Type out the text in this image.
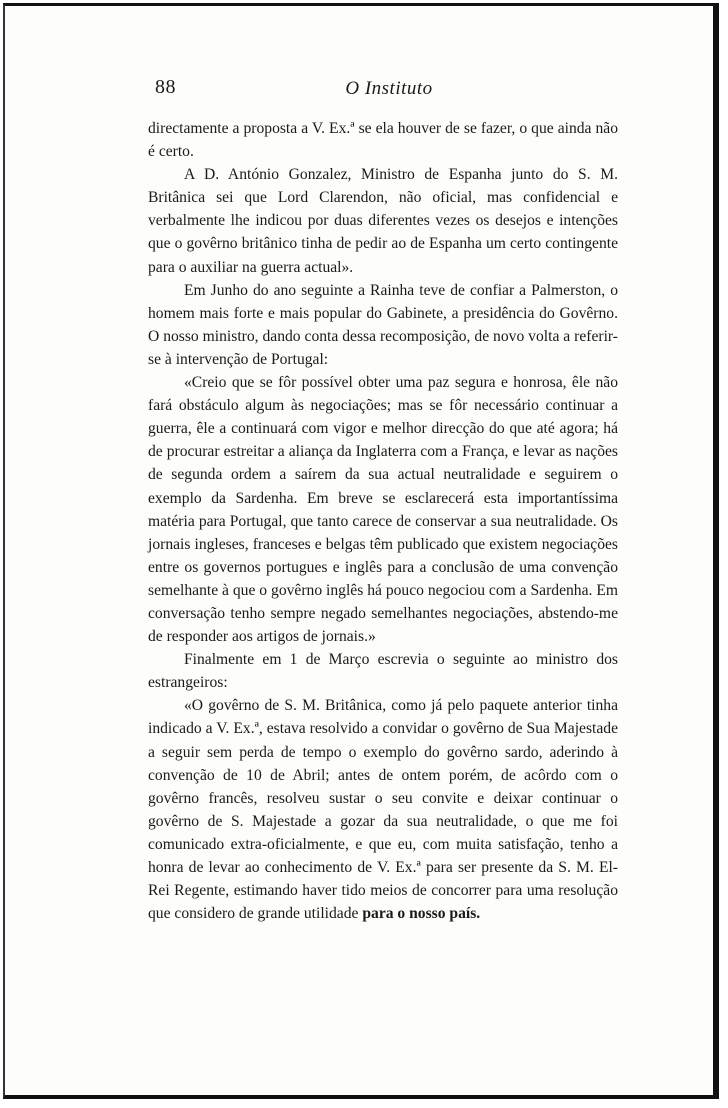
88	O Instituto

directamente a proposta a V. Ex.ª se ela houver de se fazer, o que ainda não é certo.

A D. António Gonzalez, Ministro de Espanha junto do S. M. Britânica sei que Lord Clarendon, não oficial, mas confidencial e verbalmente lhe indicou por duas diferentes vezes os desejos e intenções que o govêrno britânico tinha de pedir ao de Espanha um certo contingente para o auxiliar na guerra actual».

Em Junho do ano seguinte a Rainha teve de confiar a Palmerston, o homem mais forte e mais popular do Gabinete, a presidência do Govêrno. O nosso ministro, dando conta dessa recomposição, de novo volta a referir-se à intervenção de Portugal:

«Creio que se fôr possível obter uma paz segura e honrosa, êle não fará obstáculo algum às negociações; mas se fôr necessário continuar a guerra, êle a continuará com vigor e melhor direcção do que até agora; há de procurar estreitar a aliança da Inglaterra com a França, e levar as nações de segunda ordem a saírem da sua actual neutralidade e seguirem o exemplo da Sardenha. Em breve se esclarecerá esta importantíssima matéria para Portugal, que tanto carece de conservar a sua neutralidade. Os jornais ingleses, franceses e belgas têm publicado que existem negociações entre os governos portugues e inglês para a conclusão de uma convenção semelhante à que o govêrno inglês há pouco negociou com a Sardenha. Em conversação tenho sempre negado semelhantes negociações, abstendo-me de responder aos artigos de jornais.»

Finalmente em 1 de Março escrevia o seguinte ao ministro dos estrangeiros:

«O govêrno de S. M. Britânica, como já pelo paquete anterior tinha indicado a V. Ex.ª, estava resolvido a convidar o govêrno de Sua Majestade a seguir sem perda de tempo o exemplo do govêrno sardo, aderindo à convenção de 10 de Abril; antes de ontem porém, de acôrdo com o govêrno francês, resolveu sustar o seu convite e deixar continuar o govêrno de S. Majestade a gozar da sua neutralidade, o que me foi comunicado extra-oficialmente, e que eu, com muita satisfação, tenho a honra de levar ao conhecimento de V. Ex.ª para ser presente da S. M. El-Rei Regente, estimando haver tido meios de concorrer para uma resolução que considero de grande utilidade para o nosso país.
